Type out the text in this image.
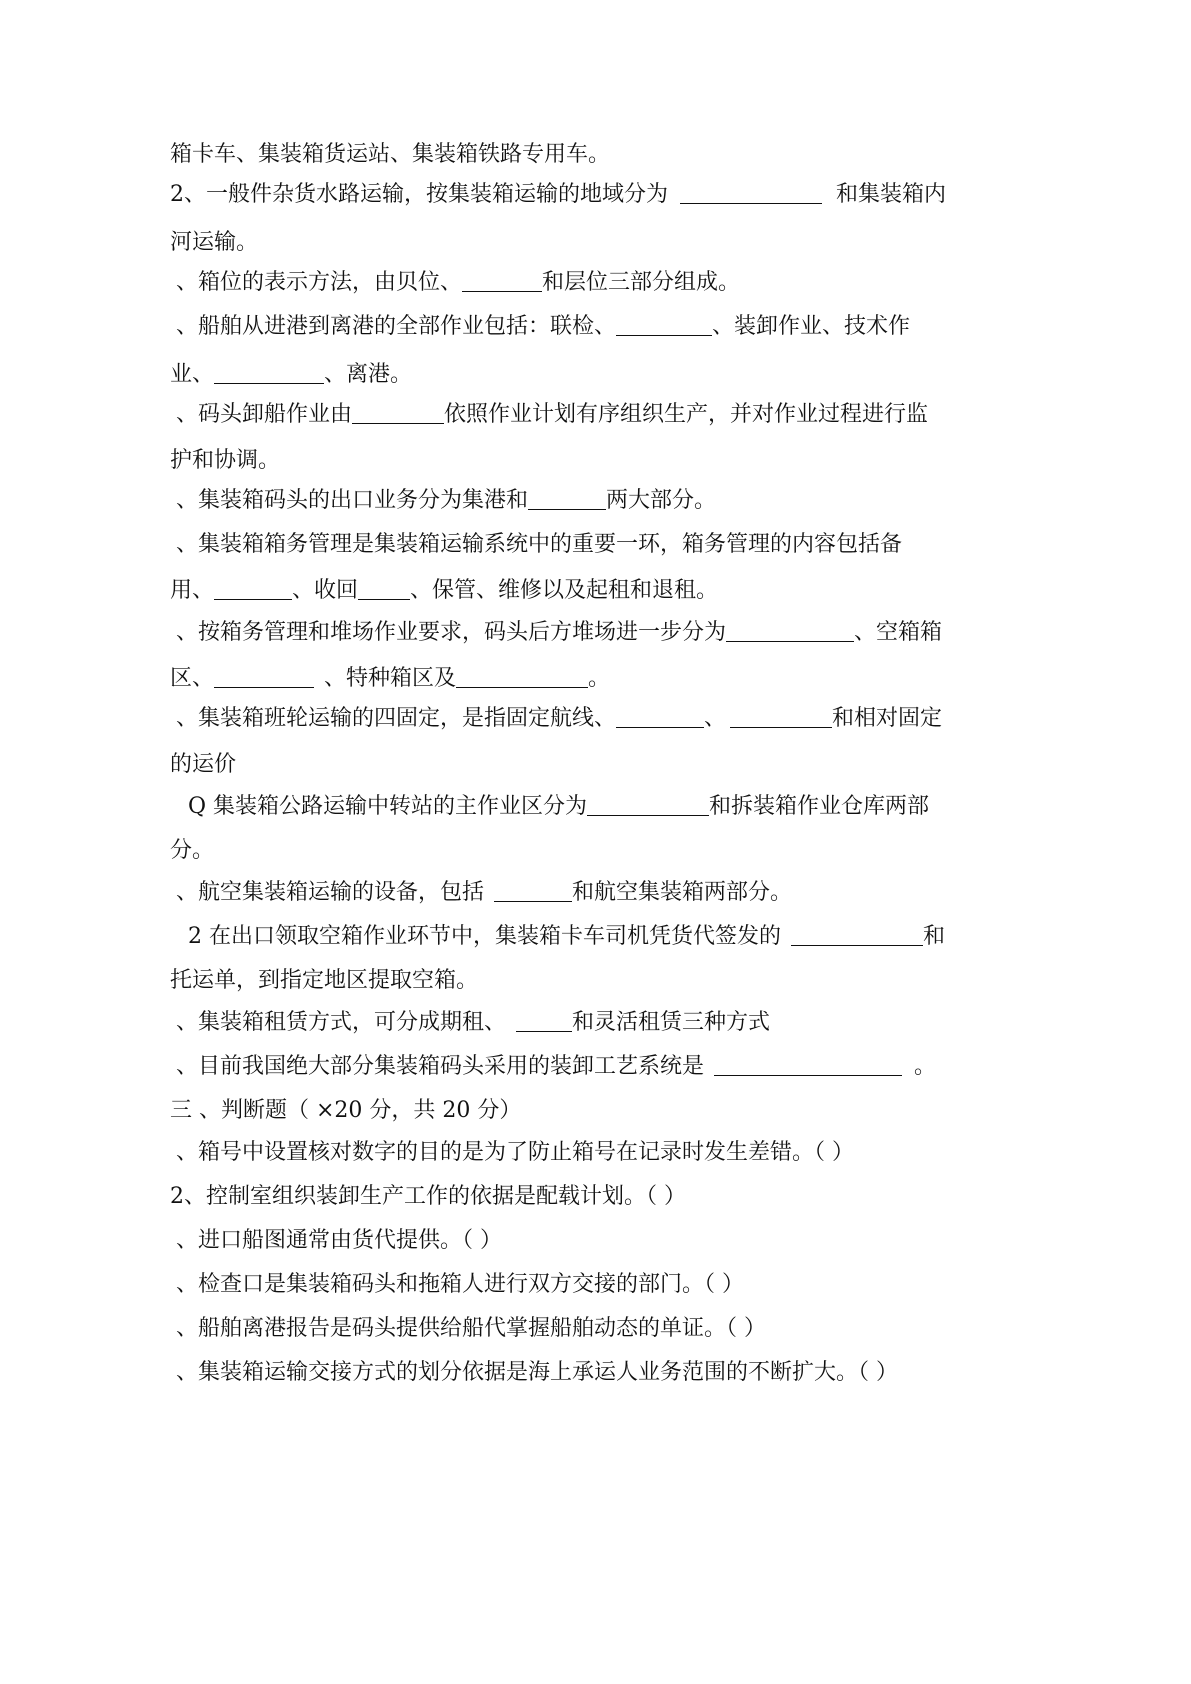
箱卡车、集装箱货运站、集装箱铁路专用车。
2、一般件杂货水路运输，按集装箱运输的地域分为	和集装箱内
河运输。
、箱位的表示方法，由贝位、	和层位三部分组成。
、船舶从进港到离港的全部作业包括：联检、	、装卸作业、技术作
业、	、离港。
、码头卸船作业由	依照作业计划有序组织生产，并对作业过程进行监
护和协调。
、集装箱码头的出口业务分为集港和	两大部分。
、集装箱箱务管理是集装箱运输系统中的重要一环，箱务管理的内容包括备
用、	、收回 、保管、维修以及起租和退租。
、按箱务管理和堆场作业要求，码头后方堆场进一步分为	、空箱箱
区、	、特种箱区及	。
、集装箱班轮运输的四固定，是指固定航线、	、	和相对固定
的运价
Q 集装箱公路运输中转站的主作业区分为	和拆装箱作业仓库两部
分。
、航空集装箱运输的设备，包括	和航空集装箱两部分。
2 在出口领取空箱作业环节中，集装箱卡车司机凭货代签发的	和
托运单，到指定地区提取空箱。
、集装箱租赁方式，可分成期租、	和灵活租赁三种方式
、目前我国绝大部分集装箱码头采用的装卸工艺系统是	。
三 、判断题（ ×20 分，共 20 分）
、箱号中设置核对数字的目的是为了防止箱号在记录时发生差错。（ ）
2、控制室组织装卸生产工作的依据是配载计划。（ ）
、进口船图通常由货代提供。（ ）
、检查口是集装箱码头和拖箱人进行双方交接的部门。（ ）
、船舶离港报告是码头提供给船代掌握船舶动态的单证。（ ）
、集装箱运输交接方式的划分依据是海上承运人业务范围的不断扩大。（ ）
